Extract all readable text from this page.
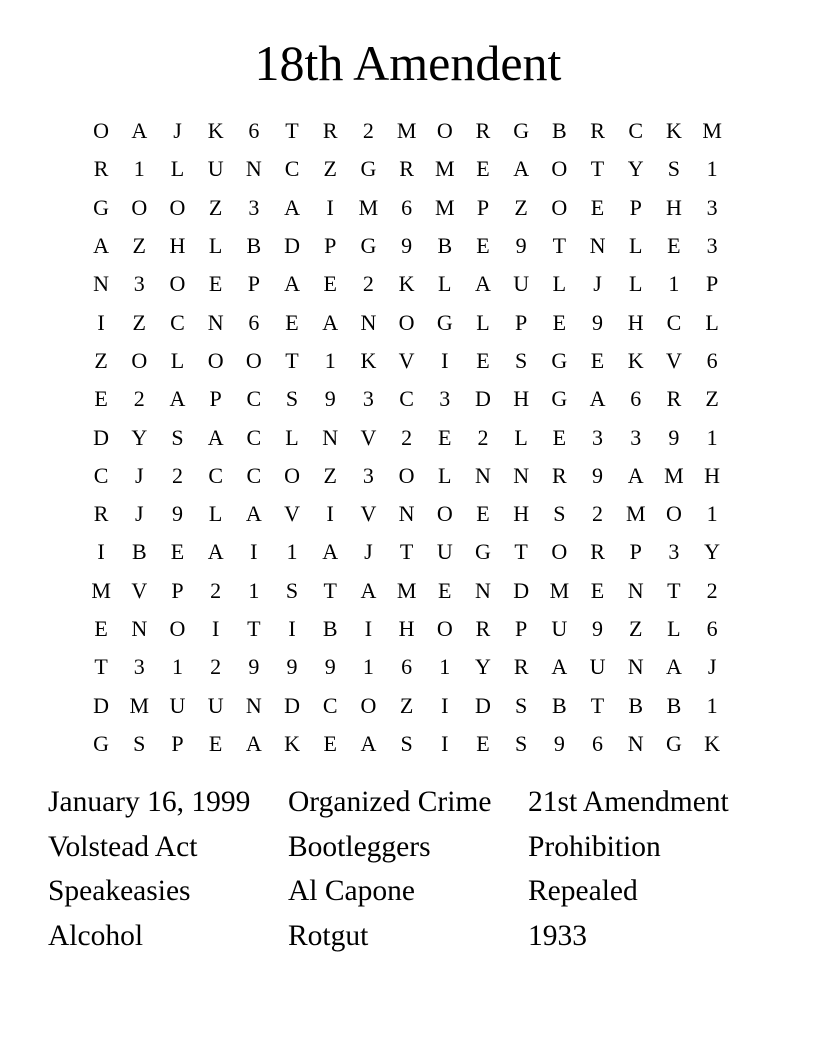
18th Amendent
O	A	J	K	6	T	R	2	M O	R	G	B	R	C	K M
R	1	L	U	N	C	Z	G	R M E	A	O	T	Y	S	1
G	O	O	Z	3	A	I	M	6	M	P	Z	O	E	P	H	3
A	Z	H	L	B	D	P	G	9	B	E	9	T	N	L	E	3
N	3	O	E	P	A	E	2	K	L	A	U	L	J	L	1	P
I	Z	C	N	6	E	A	N	O	G	L	P	E	9	H	C	L
Z	O	L	O	O	T	1	K	V	I	E	S	G	E	K	V	6
E	2	A	P	C	S	9	3	C	3	D	H	G	A	6	R	Z
D	Y	S	A	C	L	N	V	2	E	2	L	E	3	3	9	1
C	J	2	C	C	O	Z	3	O	L	N	N	R	9	A M H
R	J	9	L	A	V	I	V	N	O	E	H	S	2	M O	1
I	B	E	A	I	1	A	J	T	U	G	T	O	R	P	3	Y
M V	P	2	1	S	T	A M E	N	D M E	N	T	2
E	N	O	I	T	I	B	I	H	O	R	P	U	9	Z	L	6
T	3	1	2	9	9	9	1	6	1	Y	R	A	U	N	A	J
D M U	U	N	D	C	O	Z	I	D	S	B	T	B	B	1
G	S	P	E	A	K	E	A	S	I	E	S	9	6	N	G	K
January 16, 1999	Organized Crime	21st Amendment
Volstead Act	Bootleggers	Prohibition
Speakeasies	Al Capone	Repealed
Alcohol	Rotgut	1933
